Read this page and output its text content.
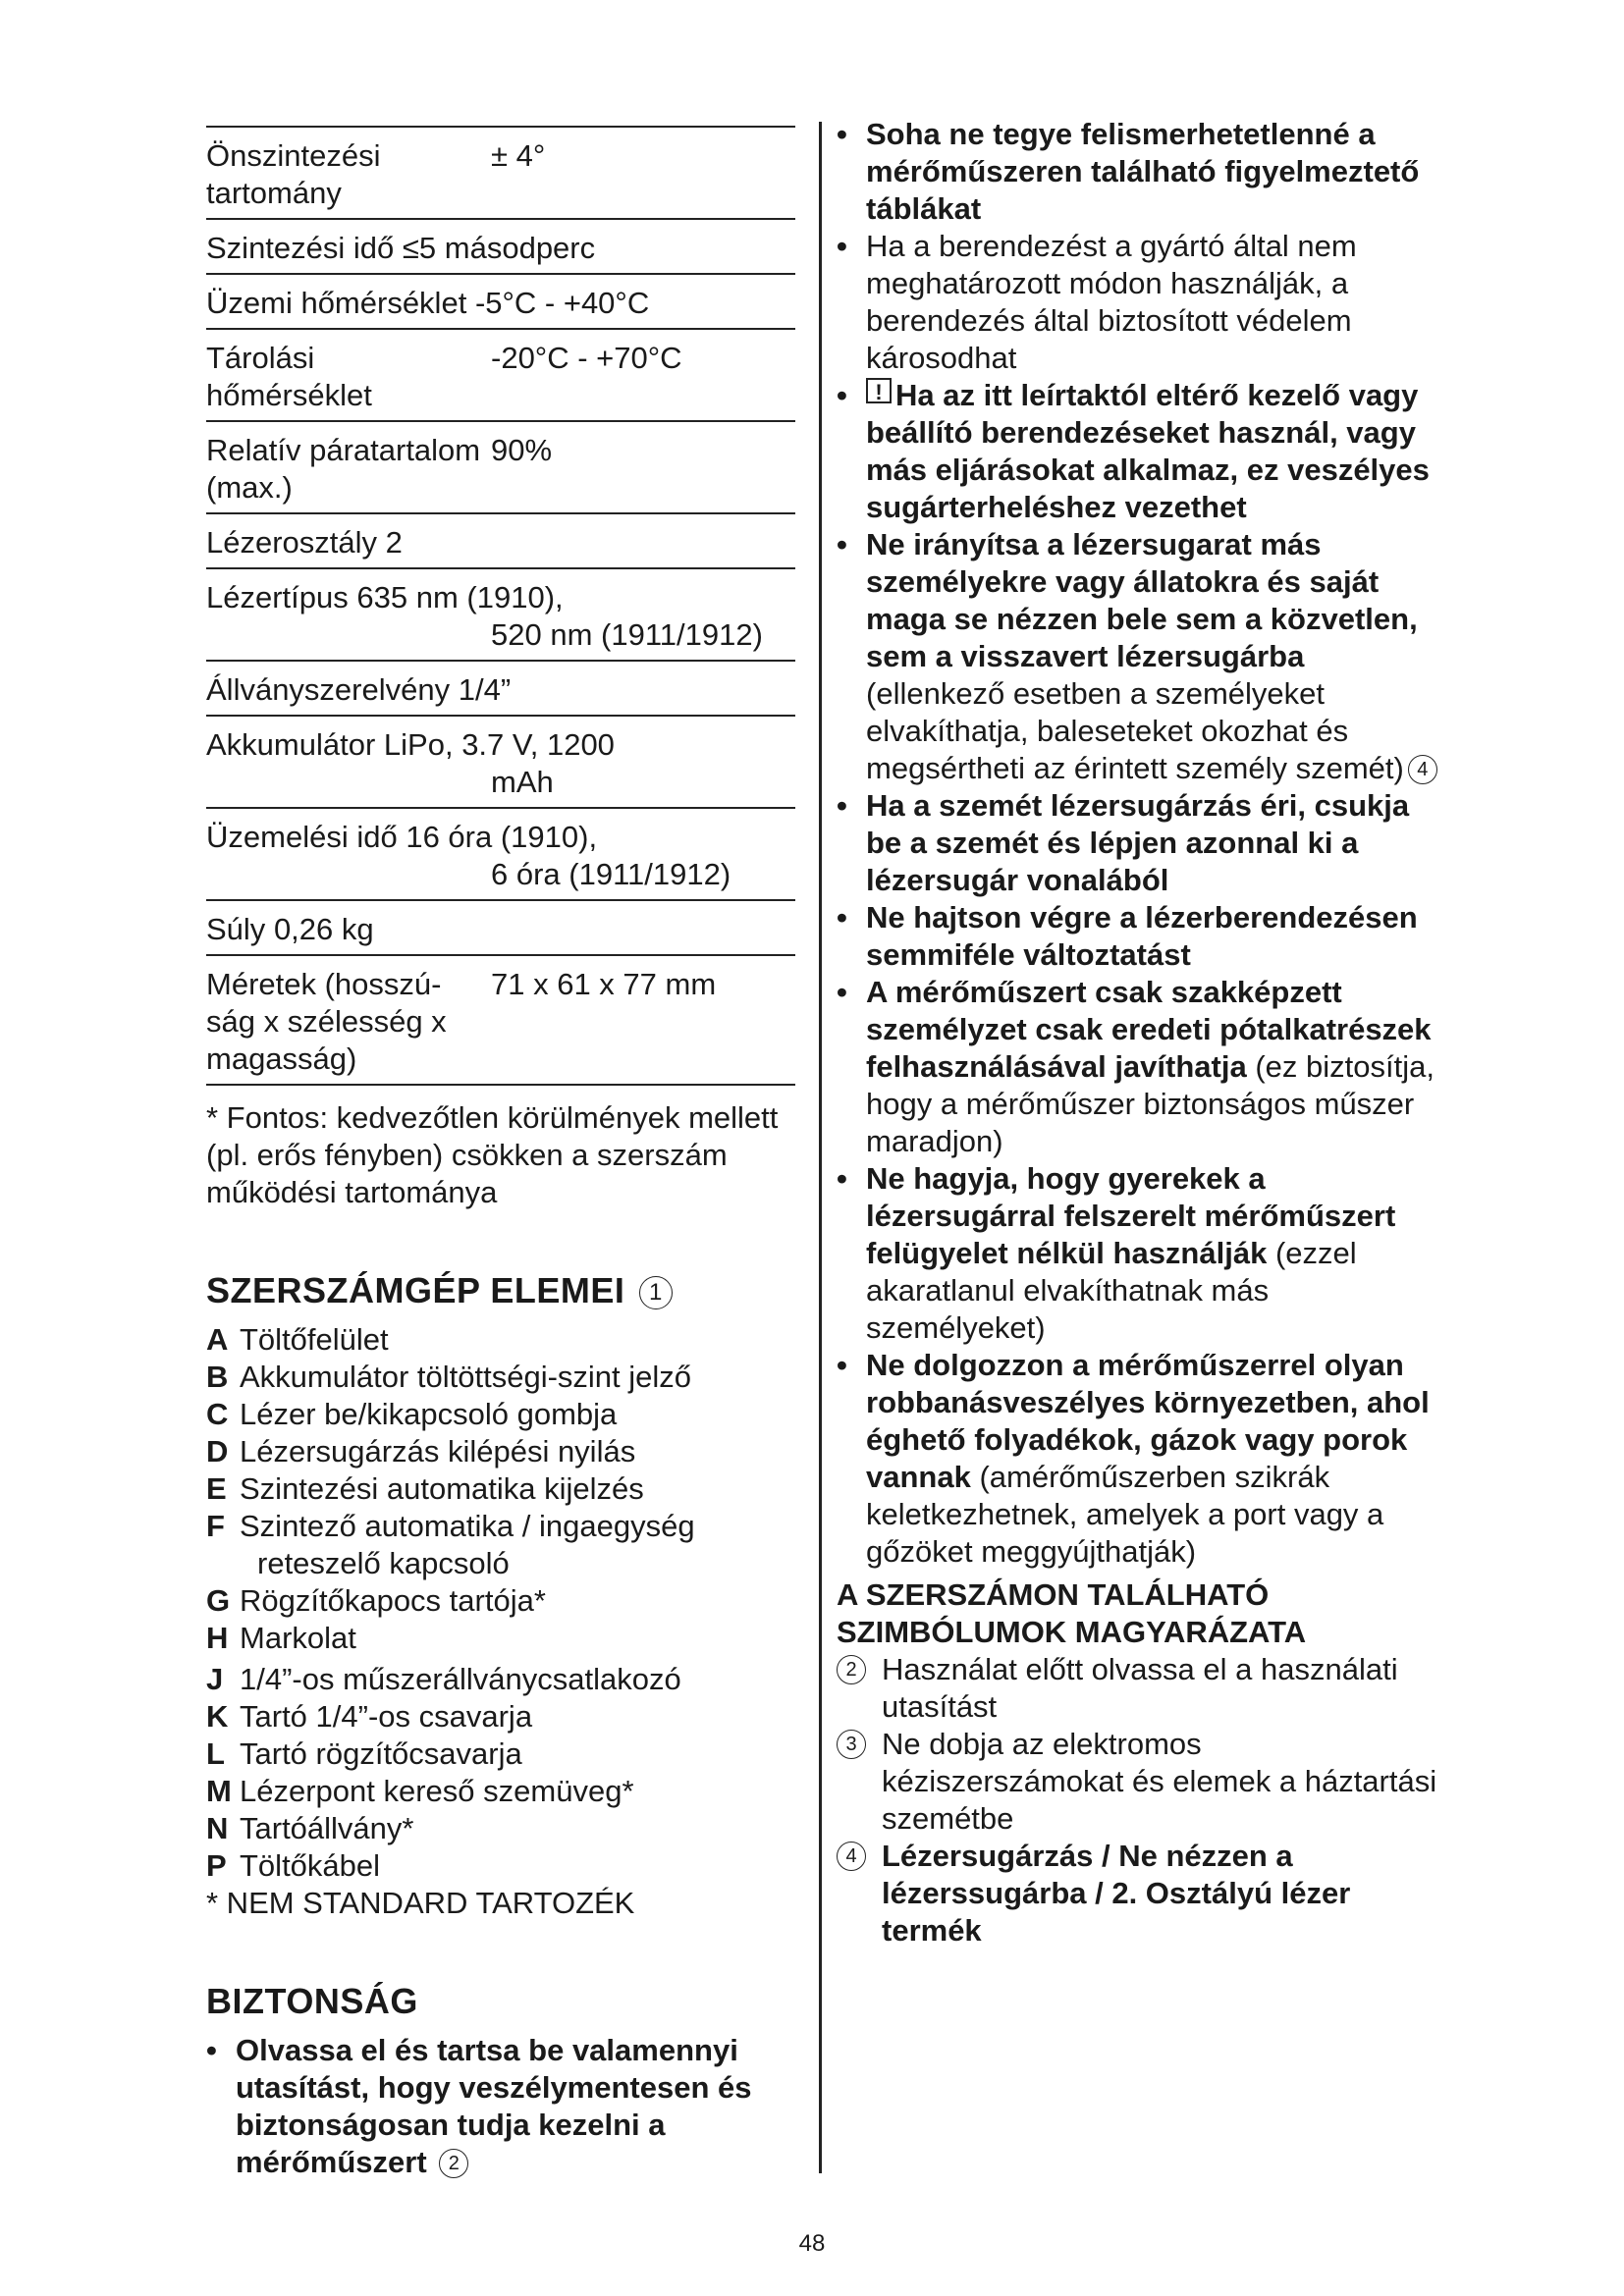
Önszintezési tartomány
± 4°
Szintezési idő ≤5 másodperc
Üzemi hőmérséklet -5°C - +40°C
Tárolási hőmérséklet
-20°C - +70°C
Relatív páratartalom (max.)
90%
Lézerosztály 2
Lézertípus 635 nm (1910),
520 nm (1911/1912)
Állványszerelvény 1/4”
Akkumulátor LiPo, 3.7 V, 1200
mAh
Üzemelési idő 16 óra (1910),
6 óra (1911/1912)
Súly 0,26 kg
Méretek (hosszú-ság x szélesség x magasság)
71 x 61 x 77 mm
* Fontos: kedvezőtlen körülmények mellett (pl. erős fényben) csökken a szerszám működési tartománya
SZERSZÁMGÉP ELEMEI 1
A Töltőfelület
B Akkumulátor töltöttségi-szint jelző
C Lézer be/kikapcsoló gombja
D Lézersugárzás kilépési nyilás
E Szintezési automatika kijelzés
F Szintező automatika / ingaegység
reteszelő kapcsoló
G Rögzítőkapocs tartója*
H Markolat
J 1/4”-os műszerállványcsatlakozó
K Tartó 1/4”-os csavarja
L Tartó rögzítőcsavarja
M Lézerpont kereső szemüveg*
N Tartóállvány*
P Töltőkábel
* NEM STANDARD TARTOZÉK
BIZTONSÁG
• Olvassa el és tartsa be valamennyi utasítást, hogy veszélymentesen és biztonságosan tudja kezelni a mérőműszert 2
• Soha ne tegye felismerhetetlenné a mérőműszeren található figyelmeztető táblákat
• Ha a berendezést a gyártó által nem meghatározott módon használják, a berendezés által biztosított védelem károsodhat
!• Ha az itt leírtaktól eltérő kezelő vagy beállító berendezéseket használ, vagy más eljárásokat alkalmaz, ez veszélyes sugárterheléshez vezethet
• Ne irányítsa a lézersugarat más személyekre vagy állatokra és saját maga se nézzen bele sem a közvetlen, sem a visszavert lézersugárba (ellenkező esetben a személyeket elvakíthatja, baleseteket okozhat és megsértheti az érintett személy szemét) 4
• Ha a szemét lézersugárzás éri, csukja be a szemét és lépjen azonnal ki a lézersugár vonalából
• Ne hajtson végre a lézerberendezésen semmiféle változtatást
• A mérőműszert csak szakképzett személyzet csak eredeti pótalkatrészek felhasználásával javíthatja (ez biztosítja, hogy a mérőműszer biztonságos műszer maradjon)
• Ne hagyja, hogy gyerekek a lézersugárral felszerelt mérőműszert felügyelet nélkül használják (ezzel akaratlanul elvakíthatnak más személyeket)
• Ne dolgozzon a mérőműszerrel olyan robbanásveszélyes környezetben, ahol éghető folyadékok, gázok vagy porok vannak (amérőműszerben szikrák keletkezhetnek, amelyek a port vagy a gőzöket meggyújthatják)
A SZERSZÁMON TALÁLHATÓ SZIMBÓLUMOK MAGYARÁZATA
2 Használat előtt olvassa el a használati utasítást
3 Ne dobja az elektromos kéziszerszámokat és elemek a háztartási szemétbe
4 Lézersugárzás / Ne nézzen a lézerssugárba / 2. Osztályú lézer termék
48
